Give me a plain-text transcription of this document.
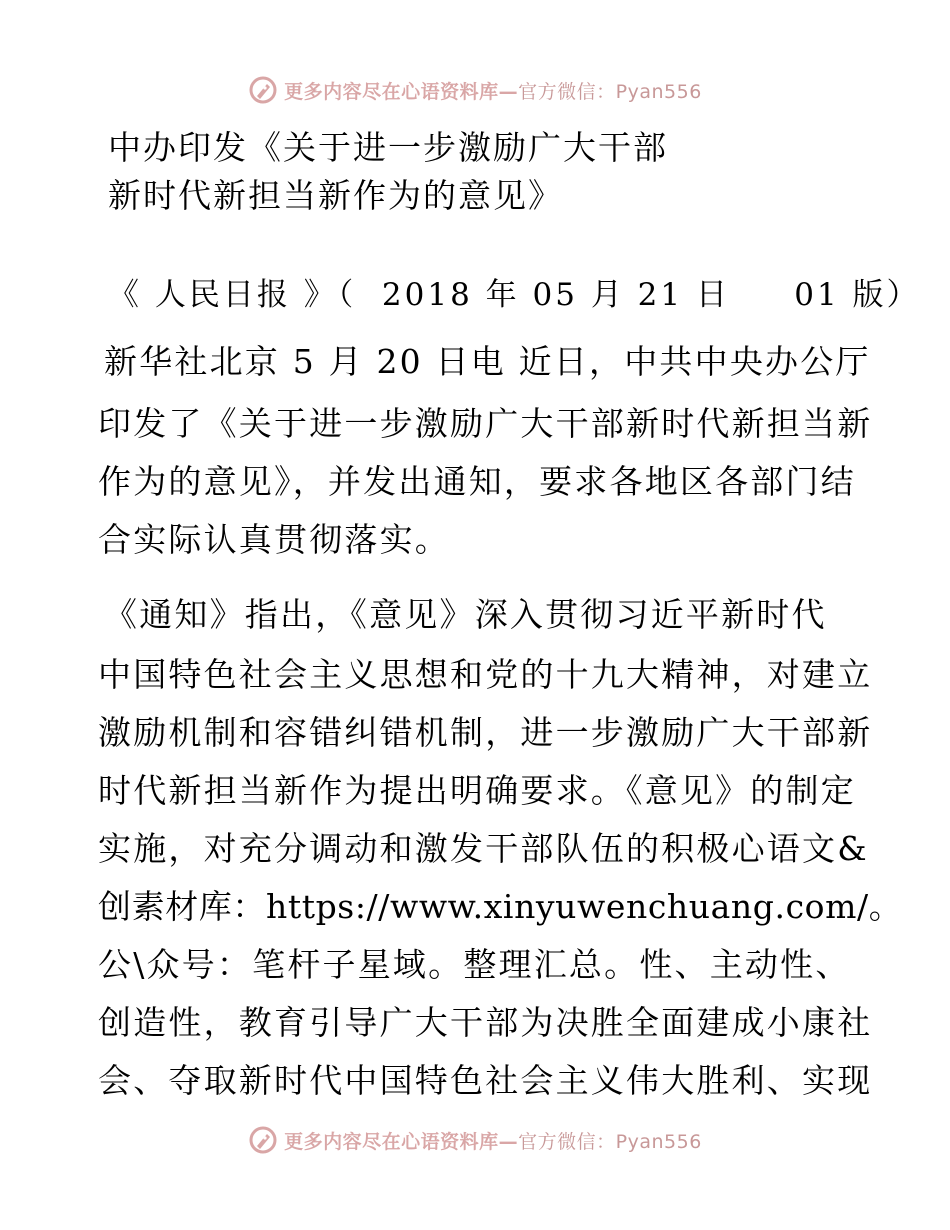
更多内容尽在心语资料库—官方微信：Pyan556
中办印发《关于进一步激励广大干部
新时代新担当新作为的意见》
《 人民日报 》（  2018 年 05 月 21 日     01 版）
新华社北京 5 月 20 日电 近日，中共中央办公厅
印发了《关于进一步激励广大干部新时代新担当新
作为的意见》，并发出通知，要求各地区各部门结
合实际认真贯彻落实。
《通知》指出，《意见》深入贯彻习近平新时代
中国特色社会主义思想和党的十九大精神，对建立
激励机制和容错纠错机制，进一步激励广大干部新
时代新担当新作为提出明确要求。《意见》的制定
实施，对充分调动和激发干部队伍的积极心语文&
创素材库：https://www.xinyuwenchuang.com/。
公\众号：笔杆子星域。整理汇总。性、主动性、
创造性，教育引导广大干部为决胜全面建成小康社
会、夺取新时代中国特色社会主义伟大胜利、实现
更多内容尽在心语资料库—官方微信：Pyan556
